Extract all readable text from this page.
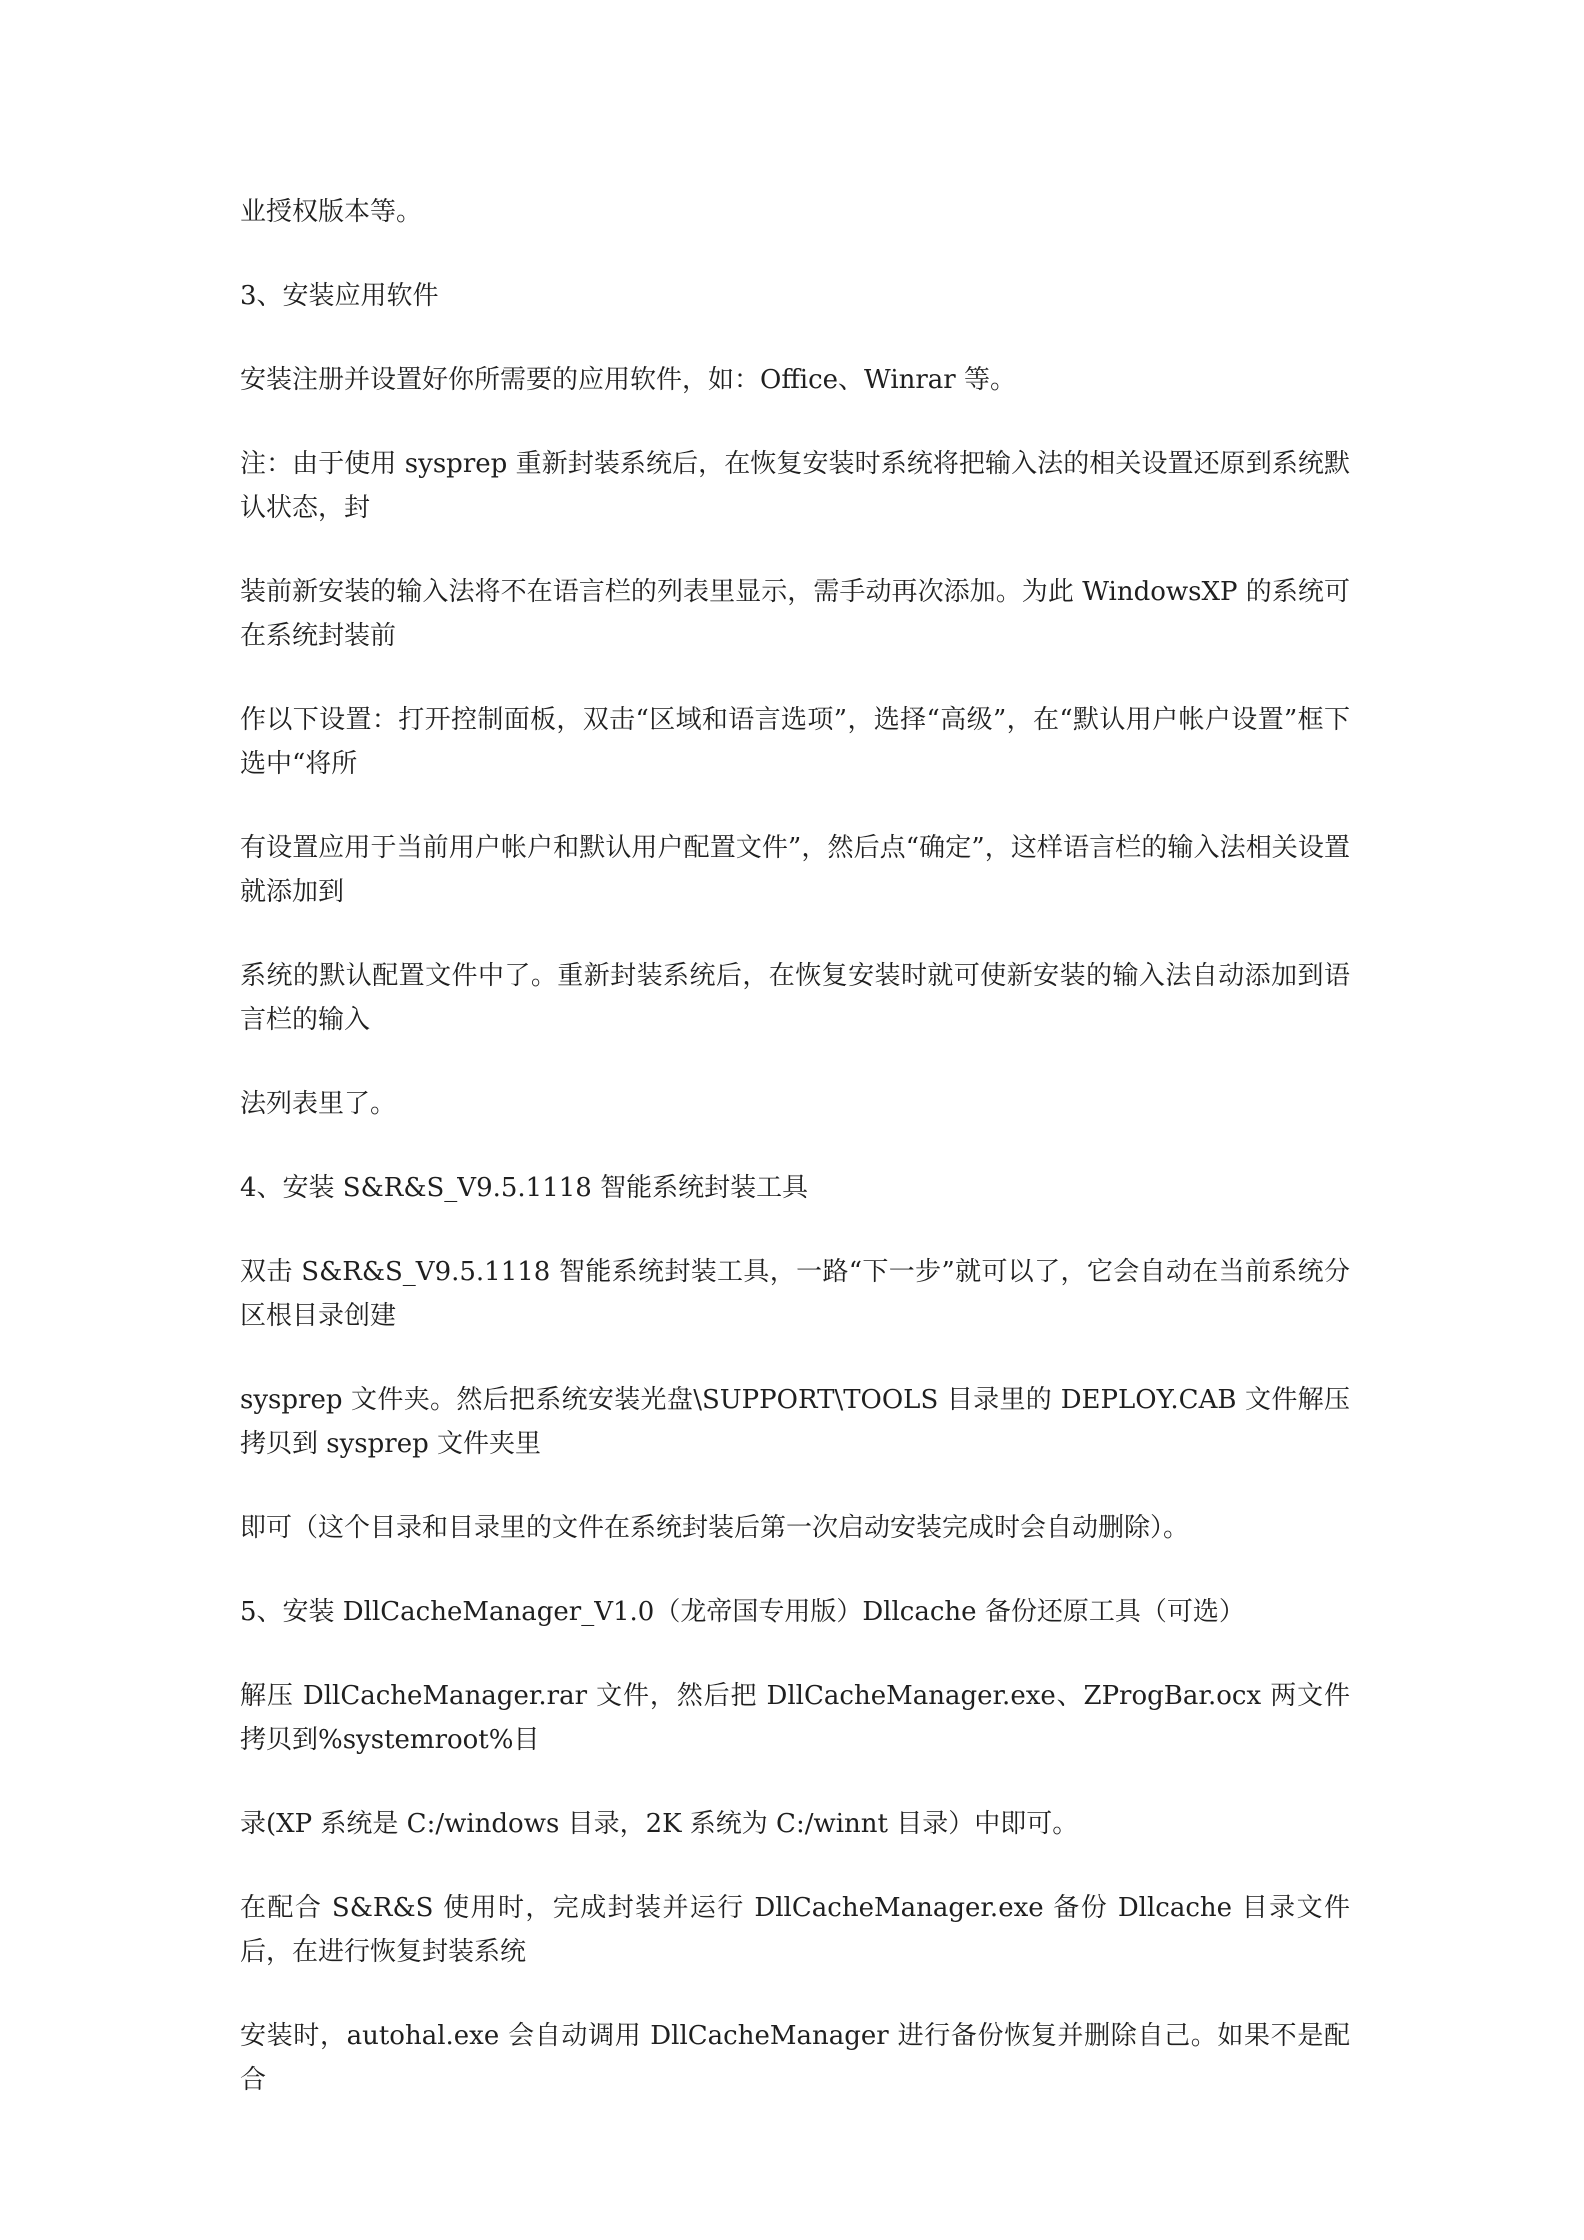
业授权版本等。

3、安装应用软件

安装注册并设置好你所需要的应用软件，如：Office、Winrar 等。

注：由于使用 sysprep 重新封装系统后，在恢复安装时系统将把输入法的相关设置还原到系统默认状态，封

装前新安装的输入法将不在语言栏的列表里显示，需手动再次添加。为此 WindowsXP 的系统可在系统封装前

作以下设置：打开控制面板，双击“区域和语言选项”，选择“高级”，在“默认用户帐户设置”框下选中“将所

有设置应用于当前用户帐户和默认用户配置文件”，然后点“确定”，这样语言栏的输入法相关设置就添加到

系统的默认配置文件中了。重新封装系统后，在恢复安装时就可使新安装的输入法自动添加到语言栏的输入

法列表里了。

4、安装 S&R&S_V9.5.1118 智能系统封装工具

双击 S&R&S_V9.5.1118 智能系统封装工具，一路“下一步”就可以了，它会自动在当前系统分区根目录创建

sysprep 文件夹。然后把系统安装光盘\SUPPORT\TOOLS 目录里的 DEPLOY.CAB 文件解压拷贝到 sysprep 文件夹里

即可（这个目录和目录里的文件在系统封装后第一次启动安装完成时会自动删除）。

5、安装 DllCacheManager_V1.0（龙帝国专用版）Dllcache 备份还原工具（可选）

解压 DllCacheManager.rar 文件，然后把 DllCacheManager.exe、ZProgBar.ocx 两文件拷贝到%systemroot%目

录(XP 系统是 C:/windows 目录，2K 系统为 C:/winnt 目录）中即可。

在配合 S&R&S 使用时，完成封装并运行 DllCacheManager.exe 备份 Dllcache 目录文件后，在进行恢复封装系统

安装时，autohal.exe 会自动调用 DllCacheManager 进行备份恢复并删除自己。如果不是配合
